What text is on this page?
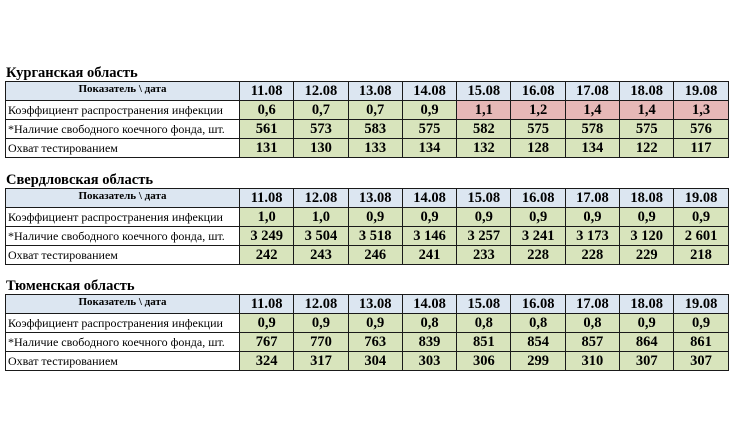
Курганская область
Показатель \ дата	11.08	12.08	13.08	14.08	15.08	16.08	17.08	18.08	19.08
Коэффициент распространения инфекции	0,6	0,7	0,7	0,9	1,1	1,2	1,4	1,4	1,3
*Наличие свободного коечного фонда, шт.	561	573	583	575	582	575	578	575	576
Охват тестированием	131	130	133	134	132	128	134	122	117
Свердловская область
Показатель \ дата	11.08	12.08	13.08	14.08	15.08	16.08	17.08	18.08	19.08
Коэффициент распространения инфекции	1,0	1,0	0,9	0,9	0,9	0,9	0,9	0,9	0,9
*Наличие свободного коечного фонда, шт.	3 249	3 504	3 518	3 146	3 257	3 241	3 173	3 120	2 601
Охват тестированием	242	243	246	241	233	228	228	229	218
Тюменская область
Показатель \ дата	11.08	12.08	13.08	14.08	15.08	16.08	17.08	18.08	19.08
Коэффициент распространения инфекции	0,9	0,9	0,9	0,8	0,8	0,8	0,8	0,9	0,9
*Наличие свободного коечного фонда, шт.	767	770	763	839	851	854	857	864	861
Охват тестированием	324	317	304	303	306	299	310	307	307
